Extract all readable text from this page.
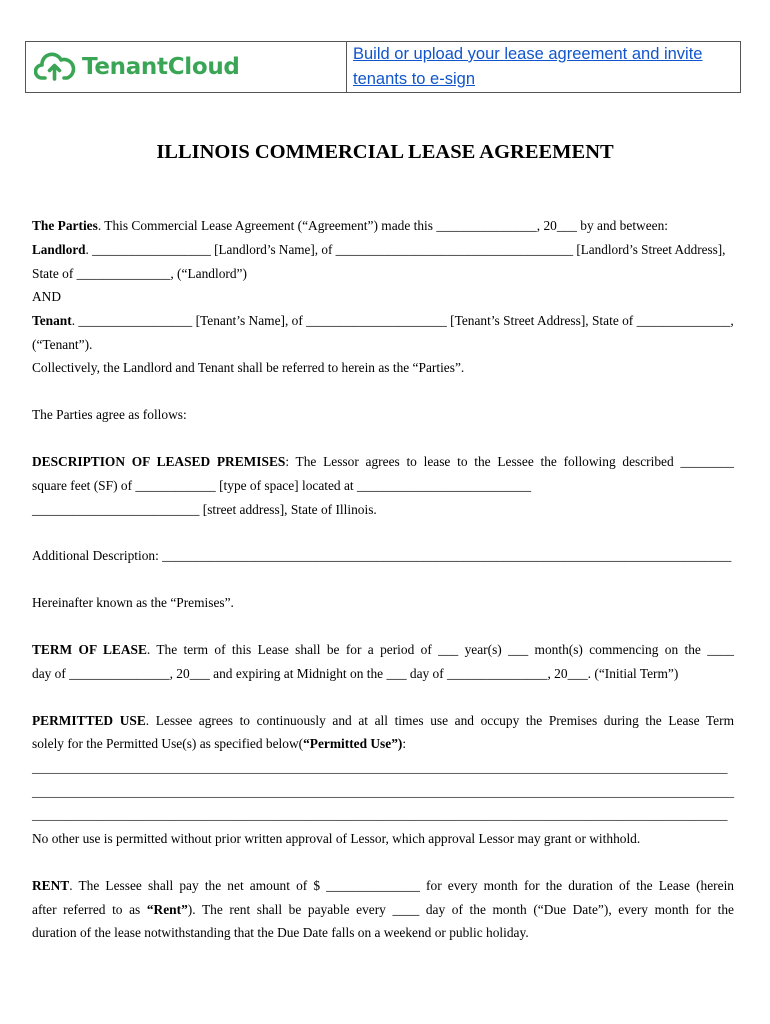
TenantCloud	Build or upload your lease agreement and invite tenants to e-sign
ILLINOIS COMMERCIAL LEASE AGREEMENT
The Parties. This Commercial Lease Agreement (“Agreement”) made this _______________, 20___ by and between:
Landlord. __________________ [Landlord’s Name], of ____________________________________ [Landlord’s Street Address],
State of ______________, (“Landlord”)
AND
Tenant. _________________ [Tenant’s Name], of _____________________ [Tenant’s Street Address], State of ______________,
(“Tenant”).
Collectively, the Landlord and Tenant shall be referred to herein as the “Parties”.
The Parties agree as follows:
DESCRIPTION OF LEASED PREMISES: The Lessor agrees to lease to the Lessee the following described ________
square feet (SF) of ____________ [type of space] located at __________________________
_________________________ [street address], State of Illinois.
Additional Description: _____________________________________________________________________________________
Hereinafter known as the “Premises”.
TERM OF LEASE. The term of this Lease shall be for a period of ___ year(s) ___ month(s) commencing on the ____
day of _______________, 20___ and expiring at Midnight on the ___ day of _______________, 20___. (“Initial Term”)
PERMITTED USE. Lessee agrees to continuously and at all times use and occupy the Premises during the Lease Term
solely for the Permitted Use(s) as specified below(“Permitted Use”):
___________________________________________________________________________________________________________
____________________________________________________________________________________________________________
___________________________________________________________________________________________________________
No other use is permitted without prior written approval of Lessor, which approval Lessor may grant or withhold.
RENT. The Lessee shall pay the net amount of $ ______________ for every month for the duration of the Lease (herein
after referred to as “Rent”). The rent shall be payable every ____ day of the month (“Due Date”), every month for the
duration of the lease notwithstanding that the Due Date falls on a weekend or public holiday.
